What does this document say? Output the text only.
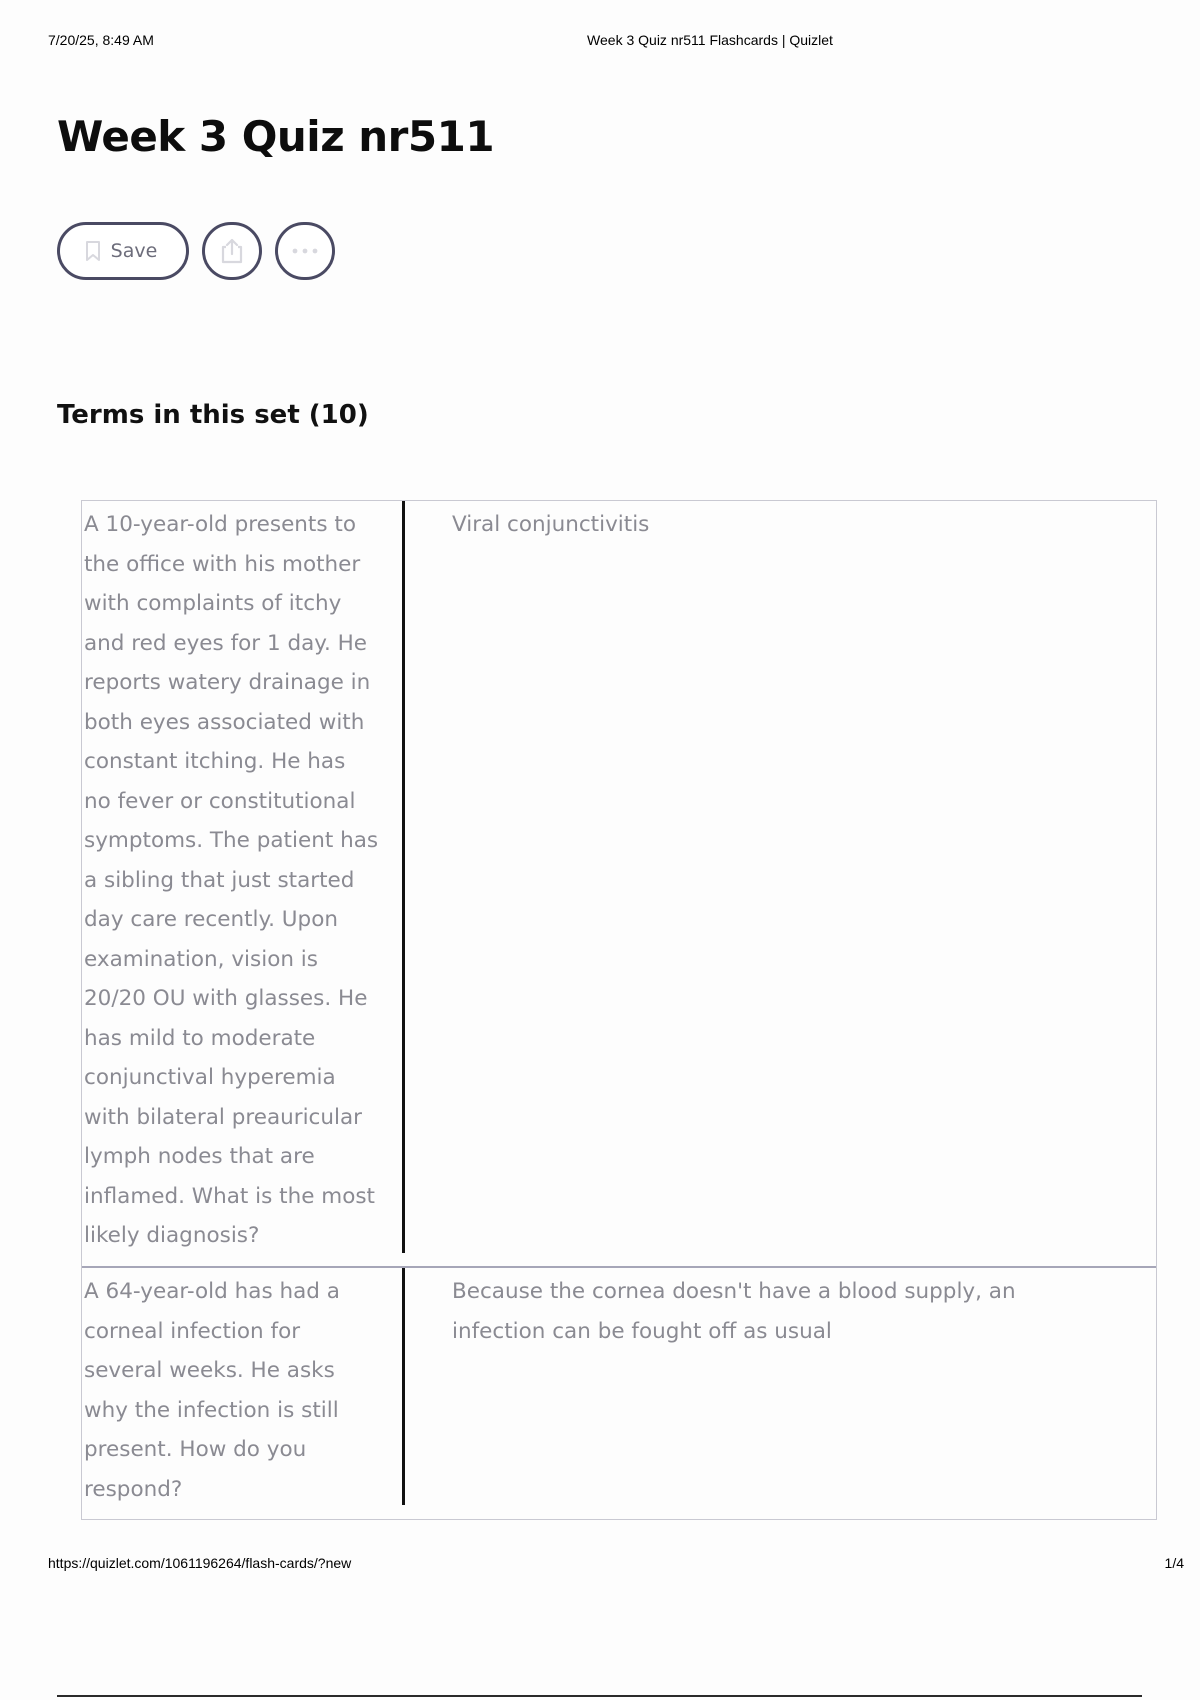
7/20/25, 8:49 AM	Week 3 Quiz nr511 Flashcards | Quizlet
Week 3 Quiz nr511
Save
Terms in this set (10)

A 10-year-old presents to
the office with his mother
with complaints of itchy
and red eyes for 1 day. He
reports watery drainage in
both eyes associated with
constant itching. He has
no fever or constitutional
symptoms. The patient has
a sibling that just started
day care recently. Upon
examination, vision is
20/20 OU with glasses. He
has mild to moderate
conjunctival hyperemia
with bilateral preauricular
lymph nodes that are
inflamed. What is the most
likely diagnosis?

Viral conjunctivitis

A 64-year-old has had a
corneal infection for
several weeks. He asks
why the infection is still
present. How do you
respond?

Because the cornea doesn't have a blood supply, an
infection can be fought off as usual

https://quizlet.com/1061196264/flash-cards/?new	1/4
